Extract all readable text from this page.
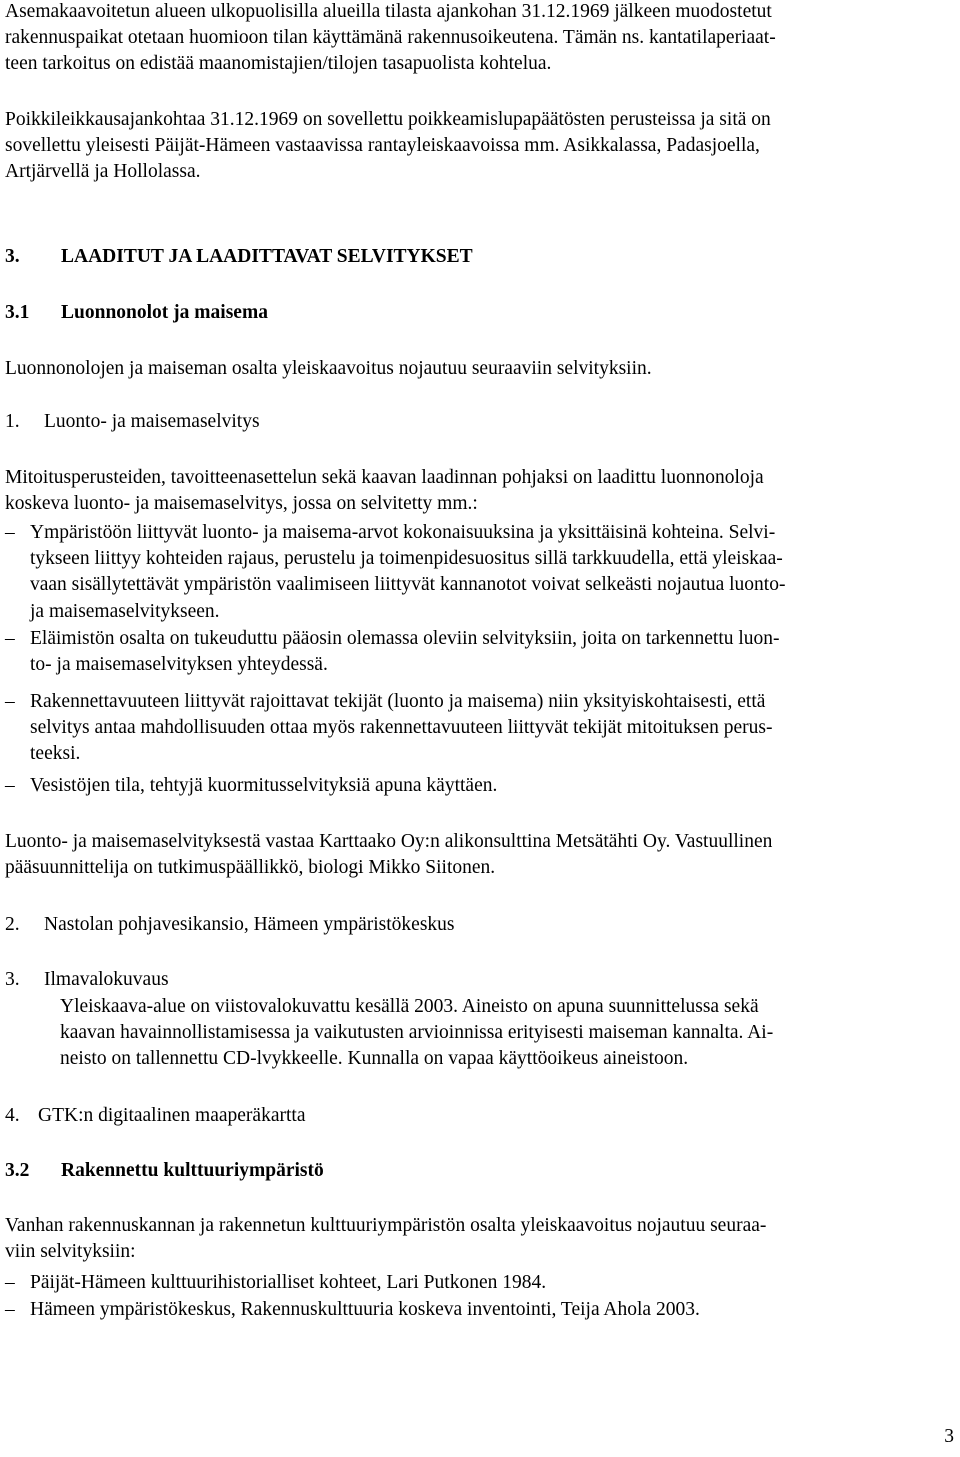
Asemakaavoitetun alueen ulkopuolisilla alueilla tilasta ajankohan 31.12.1969 jälkeen muodostetut
rakennuspaikat otetaan huomioon tilan käyttämänä rakennusoikeutena. Tämän ns. kantatilaperiaat-
teen tarkoitus on edistää maanomistajien/tilojen tasapuolista kohtelua.

Poikkileikkausajankohtaa 31.12.1969 on sovellettu poikkeamislupapäätösten perusteissa ja sitä on
sovellettu yleisesti Päijät-Hämeen vastaavissa rantayleiskaavoissa mm. Asikkalassa, Padasjoella,
Artjärvellä ja Hollolassa.

3. LAADITUT JA LAADITTAVAT SELVITYKSET
3.1 Luonnonolot ja maisema

Luonnonolojen ja maiseman osalta yleiskaavoitus nojautuu seuraaviin selvityksiin.

1. Luonto- ja maisemaselvitys

Mitoitusperusteiden, tavoitteenasettelun sekä kaavan laadinnan pohjaksi on laadittu luonnonoloja
koskeva luonto- ja maisemaselvitys, jossa on selvitetty mm.:

– Ympäristöön liittyvät luonto- ja maisema-arvot kokonaisuuksina ja yksittäisinä kohteina. Selvi-
tykseen liittyy kohteiden rajaus, perustelu ja toimenpidesuositus sillä tarkkuudella, että yleiskaa-
vaan sisällytettävät ympäristön vaalimiseen liittyvät kannanotot voivat selkeästi nojautua luonto-
ja maisemaselvitykseen.
– Eläimistön osalta on tukeuduttu pääosin olemassa oleviin selvityksiin, joita on tarkennettu luon-
to- ja maisemaselvityksen yhteydessä.
– Rakennettavuuteen liittyvät rajoittavat tekijät (luonto ja maisema) niin yksityiskohtaisesti, että
selvitys antaa mahdollisuuden ottaa myös rakennettavuuteen liittyvät tekijät mitoituksen perus-
teeksi.
– Vesistöjen tila, tehtyjä kuormitusselvityksiä apuna käyttäen.

Luonto- ja maisemaselvityksestä vastaa Karttaako Oy:n alikonsulttina Metsätähti Oy. Vastuullinen
pääsuunnittelija on tutkimuspäällikkö, biologi Mikko Siitonen.

2. Nastolan pohjavesikansio, Hämeen ympäristökeskus
3. Ilmavalokuvaus

Yleiskaava-alue on viistovalokuvattu kesällä 2003. Aineisto on apuna suunnittelussa sekä
kaavan havainnollistamisessa ja vaikutusten arvioinnissa erityisesti maiseman kannalta. Ai-
neisto on tallennettu CD-lvykkeelle. Kunnalla on vapaa käyttöoikeus aineistoon.

4. GTK:n digitaalinen maaperäkartta
3.2 Rakennettu kulttuuriympäristö

Vanhan rakennuskannan ja rakennetun kulttuuriympäristön osalta yleiskaavoitus nojautuu seuraa-
viin selvityksiin:

– Päijät-Hämeen kulttuurihistorialliset kohteet, Lari Putkonen 1984.
– Hämeen ympäristökeskus, Rakennuskulttuuria koskeva inventointi, Teija Ahola 2003.
3
